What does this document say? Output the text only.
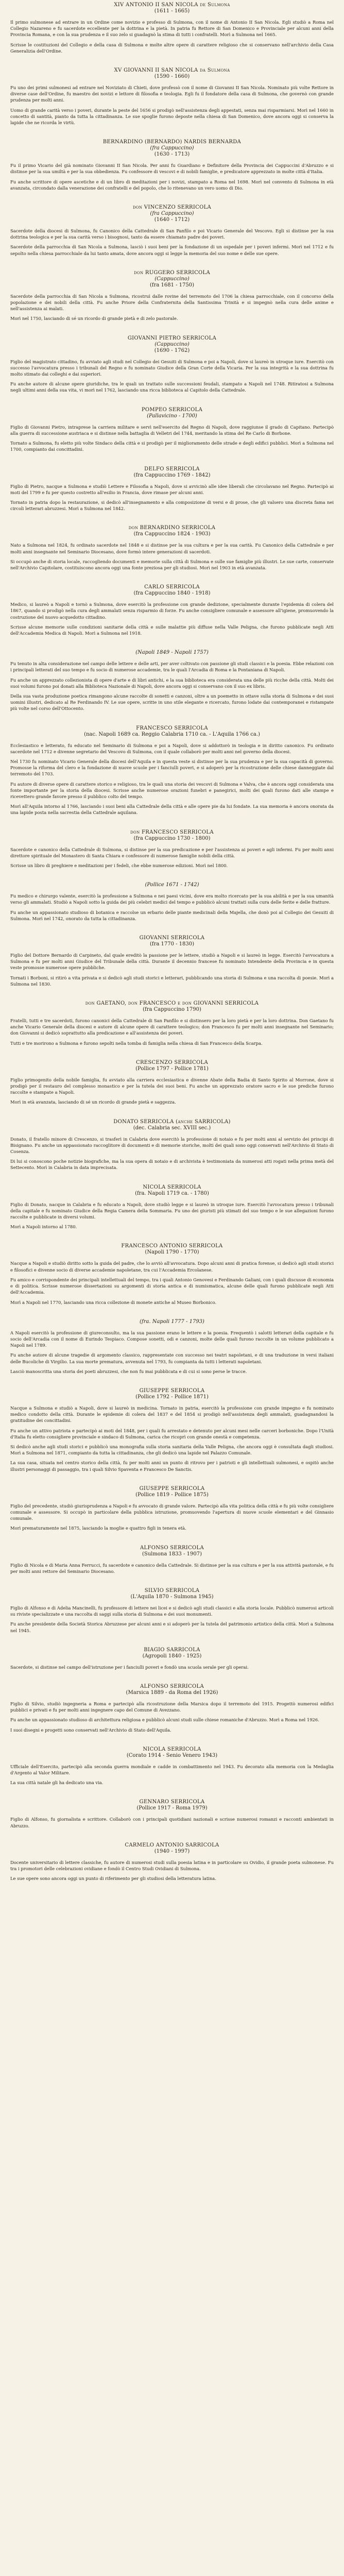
XIV ANTONIO II SAN NICOLA de Sulmona

(1611 - 1665)

Il primo sulmonese ad entrare in un Ordine come novizio e professo di Sulmona, con il nome di Antonio II San Nicola. Egli studiò a Roma nel Collegio Nazareno e fu sacerdote eccellente per la dottrina e la pietà. In patria fu Rettore di San Domenico e Provinciale per alcuni anni della Provincia Romana, e con la sua prudenza e il suo zelo si guadagnò la stima di tutti i confratelli. Morì a Sulmona nel 1665.

Scrisse le costituzioni del Collegio e della casa di Sulmona e molte altre opere di carattere religioso che si conservano nell'archivio della Casa Generalizia dell'Ordine.

XV GIOVANNI II SAN NICOLA da Sulmona

(1590 - 1660)

Fu uno dei primi sulmonesi ad entrare nel Noviziato di Chieti, dove professò con il nome di Giovanni II San Nicola. Nominato più volte Rettore in diverse case dell'Ordine, fu maestro dei novizi e lettore di filosofia e teologia. Egli fu il fondatore della casa di Sulmona, che governò con grande prudenza per molti anni.

Uomo di grande carità verso i poveri, durante la peste del 1656 si prodigò nell'assistenza degli appestati, senza mai risparmiarsi. Morì nel 1660 in concetto di santità, pianto da tutta la cittadinanza. Le sue spoglie furono deposte nella chiesa di San Domenico, dove ancora oggi si conserva la lapide che ne ricorda le virtù.

BERNARDINO (BERNARDO) NARDIS BERNARDA

(fra Cappuccino)

(1630 - 1713)

Fu il primo Vicario del già nominato Giovanni II San Nicola. Per anni fu Guardiano e Definitore della Provincia dei Cappuccini d'Abruzzo e si distinse per la sua umiltà e per la sua obbedienza. Fu confessore di vescovi e di nobili famiglie, e predicatore apprezzato in molte città d'Italia.

Fu anche scrittore di opere ascetiche e di un libro di meditazioni per i novizi, stampato a Roma nel 1698. Morì nel convento di Sulmona in età avanzata, circondato dalla venerazione dei confratelli e del popolo, che lo ritenevano un vero uomo di Dio.

don VINCENZO SERRICOLA

(fra Cappuccino)

(1640 - 1712)

Sacerdote della diocesi di Sulmona, fu Canonico della Cattedrale di San Panfilo e poi Vicario Generale del Vescovo. Egli si distinse per la sua dottrina teologica e per la sua carità verso i bisognosi, tanto da essere chiamato padre dei poveri.

Sacerdote della parrocchia di San Nicola a Sulmona, lasciò i suoi beni per la fondazione di un ospedale per i poveri infermi. Morì nel 1712 e fu sepolto nella chiesa parrocchiale da lui tanto amata, dove ancora oggi si legge la memoria del suo nome e delle sue opere.

don RUGGERO SERRICOLA

(Cappuccino)

(fra 1681 - 1750)

Sacerdote della parrocchia di San Nicola a Sulmona, ricostruì dalle rovine del terremoto del 1706 la chiesa parrocchiale, con il concorso della popolazione e dei nobili della città. Fu anche Priore della Confraternita della Santissima Trinità e si impegnò nella cura delle anime e nell'assistenza ai malati.

Morì nel 1750, lasciando di sé un ricordo di grande pietà e di zelo pastorale.

GIOVANNI PIETRO SERRICOLA

(Cappuccino)

(1690 - 1762)

Figlio del magistrato cittadino, fu avviato agli studi nel Collegio dei Gesuiti di Sulmona e poi a Napoli, dove si laureò in utroque iure. Esercitò con successo l'avvocatura presso i tribunali del Regno e fu nominato Giudice della Gran Corte della Vicaria. Per la sua integrità e la sua dottrina fu molto stimato dai colleghi e dai superiori.

Fu anche autore di alcune opere giuridiche, tra le quali un trattato sulle successioni feudali, stampato a Napoli nel 1748. Ritiratosi a Sulmona negli ultimi anni della sua vita, vi morì nel 1762, lasciando una ricca biblioteca al Capitolo della Cattedrale.

POMPEO SERRICOLA

(Pallavicino - 1700)

Figlio di Giovanni Pietro, intraprese la carriera militare e servì nell'esercito del Regno di Napoli, dove raggiunse il grado di Capitano. Partecipò alla guerra di successione austriaca e si distinse nella battaglia di Velletri del 1744, meritando la stima del Re Carlo di Borbone.

Tornato a Sulmona, fu eletto più volte Sindaco della città e si prodigò per il miglioramento delle strade e degli edifici pubblici. Morì a Sulmona nel 1700, compianto dai concittadini.

DELFO SERRICOLA

(fra Cappuccino 1769 - 1842)

Figlio di Pietro, nacque a Sulmona e studiò Lettere e Filosofia a Napoli, dove si avvicinò alle idee liberali che circolavano nel Regno. Partecipò ai moti del 1799 e fu per questo costretto all'esilio in Francia, dove rimase per alcuni anni.

Tornato in patria dopo la restaurazione, si dedicò all'insegnamento e alla composizione di versi e di prose, che gli valsero una discreta fama nei circoli letterari abruzzesi. Morì a Sulmona nel 1842.

don BERNARDINO SERRICOLA

(fra Cappuccino 1824 - 1903)

Nato a Sulmona nel 1824, fu ordinato sacerdote nel 1848 e si distinse per la sua cultura e per la sua carità. Fu Canonico della Cattedrale e per molti anni insegnante nel Seminario Diocesano, dove formò intere generazioni di sacerdoti.

Si occupò anche di storia locale, raccogliendo documenti e memorie sulla città di Sulmona e sulle sue famiglie più illustri. Le sue carte, conservate nell'Archivio Capitolare, costituiscono ancora oggi una fonte preziosa per gli studiosi. Morì nel 1903 in età avanzata.

CARLO SERRICOLA

(fra Cappuccino 1840 - 1918)

Medico, si laureò a Napoli e tornò a Sulmona, dove esercitò la professione con grande dedizione, specialmente durante l'epidemia di colera del 1867, quando si prodigò nella cura degli ammalati senza risparmio di forze. Fu anche consigliere comunale e assessore all'igiene, promuovendo la costruzione del nuovo acquedotto cittadino.

Scrisse alcune memorie sulle condizioni sanitarie della città e sulle malattie più diffuse nella Valle Peligna, che furono pubblicate negli Atti dell'Accademia Medica di Napoli. Morì a Sulmona nel 1918.

(Napoli 1849 - Napoli 1757)

Fu tenuto in alta considerazione nel campo delle lettere e delle arti, per aver coltivato con passione gli studi classici e la poesia. Ebbe relazioni con i principali letterati del suo tempo e fu socio di numerose accademie, tra le quali l'Arcadia di Roma e la Pontaniana di Napoli.

Fu anche un apprezzato collezionista di opere d'arte e di libri antichi, e la sua biblioteca era considerata una delle più ricche della città. Molti dei suoi volumi furono poi donati alla Biblioteca Nazionale di Napoli, dove ancora oggi si conservano con il suo ex libris.

Della sua vasta produzione poetica rimangono alcune raccolte di sonetti e canzoni, oltre a un poemetto in ottave sulla storia di Sulmona e dei suoi uomini illustri, dedicato al Re Ferdinando IV. Le sue opere, scritte in uno stile elegante e ricercato, furono lodate dai contemporanei e ristampate più volte nel corso dell'Ottocento.

FRANCESCO SERRICOLA

(nac. Napoli 1689 ca. Reggio Calabria 1710 ca. - L'Aquila 1766 ca.)

Ecclesiastico e letterato, fu educato nel Seminario di Sulmona e poi a Napoli, dove si addottorò in teologia e in diritto canonico. Fu ordinato sacerdote nel 1712 e divenne segretario del Vescovo di Sulmona, con il quale collaborò per molti anni nel governo della diocesi.

Nel 1730 fu nominato Vicario Generale della diocesi dell'Aquila e in questa veste si distinse per la sua prudenza e per la sua capacità di governo. Promosse la riforma del clero e la fondazione di nuove scuole per i fanciulli poveri, e si adoperò per la ricostruzione delle chiese danneggiate dal terremoto del 1703.

Fu autore di diverse opere di carattere storico e religioso, tra le quali una storia dei vescovi di Sulmona e Valva, che è ancora oggi considerata una fonte importante per la storia della diocesi. Scrisse anche numerose orazioni funebri e panegirici, molti dei quali furono dati alle stampe e ricevettero grande favore presso il pubblico colto del tempo.

Morì all'Aquila intorno al 1766, lasciando i suoi beni alla Cattedrale della città e alle opere pie da lui fondate. La sua memoria è ancora onorata da una lapide posta nella sacrestia della Cattedrale aquilana.

don FRANCESCO SERRICOLA

(fra Cappuccino 1730 - 1800)

Sacerdote e canonico della Cattedrale di Sulmona, si distinse per la sua predicazione e per l'assistenza ai poveri e agli infermi. Fu per molti anni direttore spirituale del Monastero di Santa Chiara e confessore di numerose famiglie nobili della città.

Scrisse un libro di preghiere e meditazioni per i fedeli, che ebbe numerose edizioni. Morì nel 1800.

(Pollice 1671 - 1742)

Fu medico e chirurgo valente, esercitò la professione a Sulmona e nei paesi vicini, dove era molto ricercato per la sua abilità e per la sua umanità verso gli ammalati. Studiò a Napoli sotto la guida dei più celebri medici del tempo e pubblicò alcuni trattati sulla cura delle ferite e delle fratture.

Fu anche un appassionato studioso di botanica e raccolse un erbario delle piante medicinali della Majella, che donò poi al Collegio dei Gesuiti di Sulmona. Morì nel 1742, onorato da tutta la cittadinanza.

GIOVANNI SERRICOLA

(fra 1770 - 1830)

Figlio del Dottore Bernardo di Carpineto, dal quale ereditò la passione per le lettere, studiò a Napoli e si laureò in legge. Esercitò l'avvocatura a Sulmona e fu per molti anni Giudice del Tribunale della città. Durante il decennio francese fu nominato Intendente della Provincia e in questa veste promosse numerose opere pubbliche.

Tornati i Borboni, si ritirò a vita privata e si dedicò agli studi storici e letterari, pubblicando una storia di Sulmona e una raccolta di poesie. Morì a Sulmona nel 1830.

don GAETANO, don FRANCESCO e don GIOVANNI SERRICOLA

(fra Cappuccino 1790)

Fratelli, tutti e tre sacerdoti, furono canonici della Cattedrale di San Panfilo e si distinsero per la loro pietà e per la loro dottrina. Don Gaetano fu anche Vicario Generale della diocesi e autore di alcune opere di carattere teologico; don Francesco fu per molti anni insegnante nel Seminario; don Giovanni si dedicò soprattutto alla predicazione e all'assistenza dei poveri.

Tutti e tre morirono a Sulmona e furono sepolti nella tomba di famiglia nella chiesa di San Francesco della Scarpa.

CRESCENZO SERRICOLA

(Pollice 1797 - Pollice 1781)

Figlio primogenito della nobile famiglia, fu avviato alla carriera ecclesiastica e divenne Abate della Badia di Santo Spirito al Morrone, dove si prodigò per il restauro del complesso monastico e per la tutela dei suoi beni. Fu anche un apprezzato oratore sacro e le sue prediche furono raccolte e stampate a Napoli.

Morì in età avanzata, lasciando di sé un ricordo di grande pietà e saggezza.

DONATO SERRICOLA (anche SARRICOLA)

(dec. Calabria sec. XVIII sec.)

Donato, il fratello minore di Crescenzo, si trasferì in Calabria dove esercitò la professione di notaio e fu per molti anni al servizio dei principi di Bisignano. Fu anche un appassionato raccoglitore di documenti e di memorie storiche, molti dei quali sono oggi conservati nell'Archivio di Stato di Cosenza.

Di lui si conoscono poche notizie biografiche, ma la sua opera di notaio e di archivista è testimoniata da numerosi atti rogati nella prima metà del Settecento. Morì in Calabria in data imprecisata.

NICOLA SERRICOLA

(fra. Napoli 1719 ca. - 1780)

Figlio di Donato, nacque in Calabria e fu educato a Napoli, dove studiò legge e si laureò in utroque iure. Esercitò l'avvocatura presso i tribunali della capitale e fu nominato Giudice della Regia Camera della Sommaria. Fu uno dei giuristi più stimati del suo tempo e le sue allegazioni furono raccolte e pubblicate in diversi volumi.

Morì a Napoli intorno al 1780.

FRANCESCO ANTONIO SERRICOLA

(Napoli 1790 - 1770)

Nacque a Napoli e studiò diritto sotto la guida del padre, che lo avviò all'avvocatura. Dopo alcuni anni di pratica forense, si dedicò agli studi storici e filosofici e divenne socio di diverse accademie napoletane, tra cui l'Accademia Ercolanese.

Fu amico e corrispondente dei principali intellettuali del tempo, tra i quali Antonio Genovesi e Ferdinando Galiani, con i quali discusse di economia e di politica. Scrisse numerose dissertazioni su argomenti di storia antica e di numismatica, alcune delle quali furono pubblicate negli Atti dell'Accademia.

Morì a Napoli nel 1770, lasciando una ricca collezione di monete antiche al Museo Borbonico.

(fra. Napoli 1777 - 1793)

A Napoli esercitò la professione di giureconsulto, ma la sua passione erano le lettere e la poesia. Frequentò i salotti letterari della capitale e fu socio dell'Arcadia con il nome di Eurindo Tespiaco. Compose sonetti, odi e canzoni, molte delle quali furono raccolte in un volume pubblicato a Napoli nel 1789.

Fu anche autore di alcune tragedie di argomento classico, rappresentate con successo nei teatri napoletani, e di una traduzione in versi italiani delle Bucoliche di Virgilio. La sua morte prematura, avvenuta nel 1793, fu compianta da tutti i letterati napoletani.

Lasciò manoscritta una storia dei poeti abruzzesi, che non fu mai pubblicata e di cui si sono perse le tracce.

GIUSEPPE SERRICOLA

(Pollice 1792 - Pollice 1871)

Nacque a Sulmona e studiò a Napoli, dove si laureò in medicina. Tornato in patria, esercitò la professione con grande impegno e fu nominato medico condotto della città. Durante le epidemie di colera del 1837 e del 1854 si prodigò nell'assistenza degli ammalati, guadagnandosi la gratitudine dei concittadini.

Fu anche un attivo patriota e partecipò ai moti del 1848, per i quali fu arrestato e detenuto per alcuni mesi nelle carceri borboniche. Dopo l'Unità d'Italia fu eletto consigliere provinciale e sindaco di Sulmona, carica che ricoprì con grande onestà e competenza.

Si dedicò anche agli studi storici e pubblicò una monografia sulla storia sanitaria della Valle Peligna, che ancora oggi è consultata dagli studiosi. Morì a Sulmona nel 1871, compianto da tutta la cittadinanza, che gli dedicò una lapide nel Palazzo Comunale.

La sua casa, situata nel centro storico della città, fu per molti anni un punto di ritrovo per i patrioti e gli intellettuali sulmonesi, e ospitò anche illustri personaggi di passaggio, tra i quali Silvio Spaventa e Francesco De Sanctis.

GIUSEPPE SERRICOLA

(Pollice 1819 - Pollice 1875)

Figlio del precedente, studiò giurisprudenza a Napoli e fu avvocato di grande valore. Partecipò alla vita politica della città e fu più volte consigliere comunale e assessore. Si occupò in particolare della pubblica istruzione, promuovendo l'apertura di nuove scuole elementari e del Ginnasio comunale.

Morì prematuramente nel 1875, lasciando la moglie e quattro figli in tenera età.

ALFONSO SERRICOLA

(Sulmona 1833 - 1907)

Figlio di Nicola e di Maria Anna Ferrucci, fu sacerdote e canonico della Cattedrale. Si distinse per la sua cultura e per la sua attività pastorale, e fu per molti anni rettore del Seminario Diocesano.

SILVIO SERRICOLA

(L'Aquila 1870 - Sulmona 1945)

Figlio di Alfonso e di Adelia Mancinelli, fu professore di lettere nei licei e si dedicò agli studi classici e alla storia locale. Pubblicò numerosi articoli su riviste specializzate e una raccolta di saggi sulla storia di Sulmona e dei suoi monumenti.

Fu anche presidente della Società Storica Abruzzese per alcuni anni e si adoperò per la tutela del patrimonio artistico della città. Morì a Sulmona nel 1945.

BIAGIO SARRICOLA

(Agropoli 1840 - 1925)

Sacerdote, si distinse nel campo dell'istruzione per i fanciulli poveri e fondò una scuola serale per gli operai.

ALFONSO SERRICOLA

(Marsica 1889 - da Roma del 1926)

Figlio di Silvio, studiò ingegneria a Roma e partecipò alla ricostruzione della Marsica dopo il terremoto del 1915. Progettò numerosi edifici pubblici e privati e fu per molti anni ingegnere capo del Comune di Avezzano.

Fu anche un appassionato studioso di architettura religiosa e pubblicò alcuni studi sulle chiese romaniche d'Abruzzo. Morì a Roma nel 1926.

I suoi disegni e progetti sono conservati nell'Archivio di Stato dell'Aquila.

NICOLA SERRICOLA

(Corato 1914 - Senio Venero 1943)

Ufficiale dell'Esercito, partecipò alla seconda guerra mondiale e cadde in combattimento nel 1943. Fu decorato alla memoria con la Medaglia d'Argento al Valor Militare.

La sua città natale gli ha dedicato una via.

GENNARO SERRICOLA

(Pollice 1917 - Roma 1979)

Figlio di Alfonso, fu giornalista e scrittore. Collaborò con i principali quotidiani nazionali e scrisse numerosi romanzi e racconti ambientati in Abruzzo.

CARMELO ANTONIO SARRICOLA

(1940 - 1997)

Docente universitario di lettere classiche, fu autore di numerosi studi sulla poesia latina e in particolare su Ovidio, il grande poeta sulmonese. Fu tra i promotori delle celebrazioni ovidiane e fondò il Centro Studi Ovidiani di Sulmona.

Le sue opere sono ancora oggi un punto di riferimento per gli studiosi della letteratura latina.
